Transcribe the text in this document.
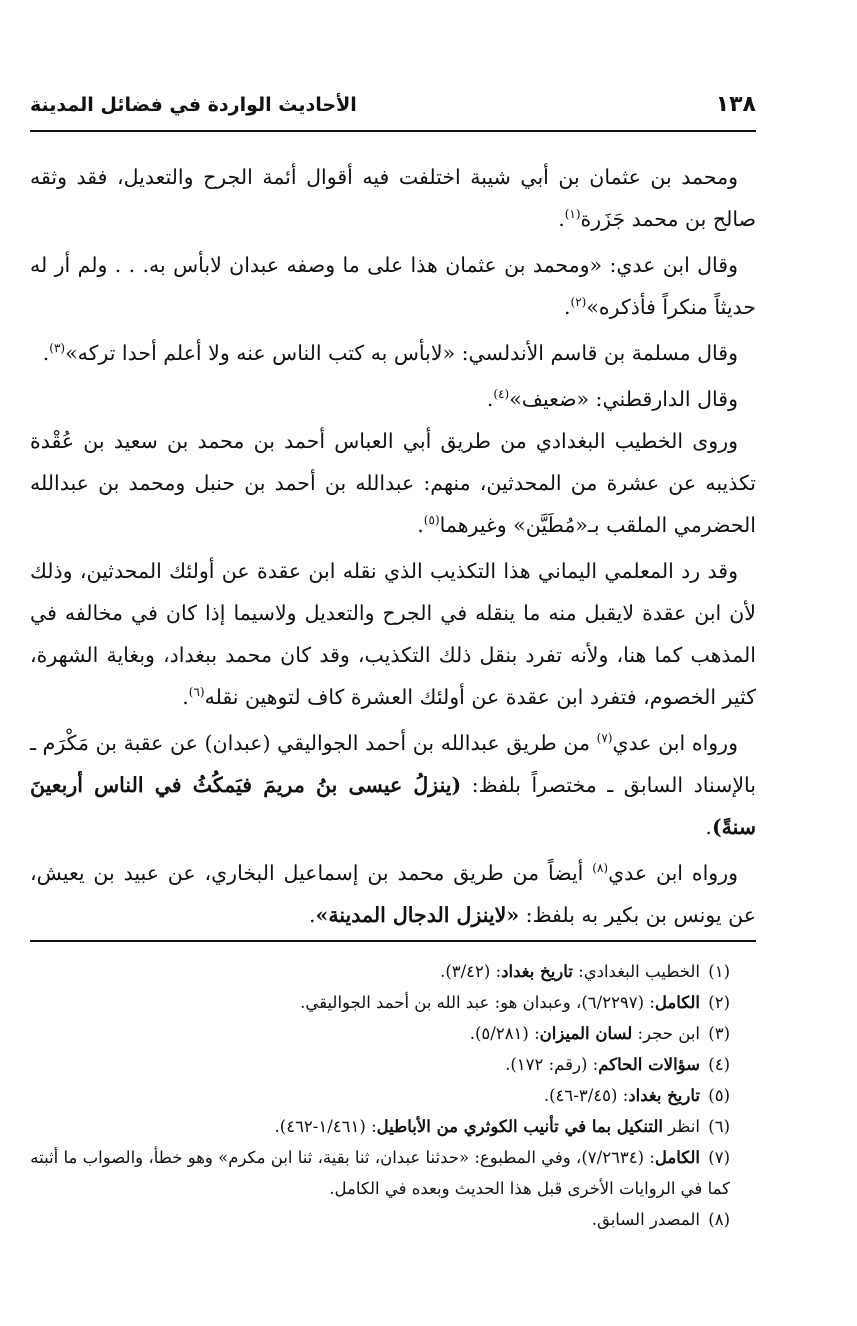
١٣٨
الأحاديث الواردة في فضائل المدينة

ومحمد بن عثمان بن أبي شيبة اختلفت فيه أقوال أئمة الجرح والتعديل، فقد وثقه صالح بن محمد جَزَرة$^{(١)}$.

وقال ابن عدي: «ومحمد بن عثمان هذا على ما وصفه عبدان لابأس به. . . ولم أر له حديثاً منكراً فأذكره»$^{(٢)}$.

وقال مسلمة بن قاسم الأندلسي: «لابأس به كتب الناس عنه ولا أعلم أحدا تركه»$^{(٣)}$.

وقال الدارقطني: «ضعيف»$^{(٤)}$.

وروى الخطيب البغدادي من طريق أبي العباس أحمد بن محمد بن سعيد بن عُقْدة تكذيبه عن عشرة من المحدثين، منهم: عبدالله بن أحمد بن حنبل ومحمد بن عبدالله الحضرمي الملقب بـ«مُطَيَّن» وغيرهما$^{(٥)}$.

وقد رد المعلمي اليماني هذا التكذيب الذي نقله ابن عقدة عن أولئك المحدثين، وذلك لأن ابن عقدة لايقبل منه ما ينقله في الجرح والتعديل ولاسيما إذا كان في مخالفه في المذهب كما هنا، ولأنه تفرد بنقل ذلك التكذيب، وقد كان محمد ببغداد، وبغاية الشهرة، كثير الخصوم، فتفرد ابن عقدة عن أولئك العشرة كاف لتوهين نقله$^{(٦)}$.

ورواه ابن عدي$^{(٧)}$ من طريق عبدالله بن أحمد الجواليقي (عبدان) عن عقبة بن مَكْرَم ـ بالإسناد السابق ـ مختصراً بلفظ: (ينزلُ عيسى بنُ مريمَ فيَمكُثُ في الناس أربعينَ سنةً).

ورواه ابن عدي$^{(٨)}$ أيضاً من طريق محمد بن إسماعيل البخاري، عن عبيد بن يعيش، عن يونس بن بكير به بلفظ: «لاينزل الدجال المدينة».

(١)الخطيب البغدادي: تاريخ بغداد: (٣/٤٢).

(٢)الكامل: (٦/٢٢٩٧)، وعبدان هو: عبد الله بن أحمد الجواليقي.

(٣)ابن حجر: لسان الميزان: (٥/٢٨١).

(٤)سؤالات الحاكم: (رقم: ١٧٢).

(٥)تاريخ بغداد: (٣/٤٥-٤٦).

(٦)انظر التنكيل بما في تأنيب الكوثري من الأباطيل: (١/٤٦١-٤٦٢).

(٧)الكامل: (٧/٢٦٣٤)، وفي المطبوع: «حدثنا عبدان، ثنا بقية، ثنا ابن مكرم» وهو خطأ، والصواب ما أثبته كما في الروايات الأخرى قبل هذا الحديث وبعده في الكامل.

(٨)المصدر السابق.
